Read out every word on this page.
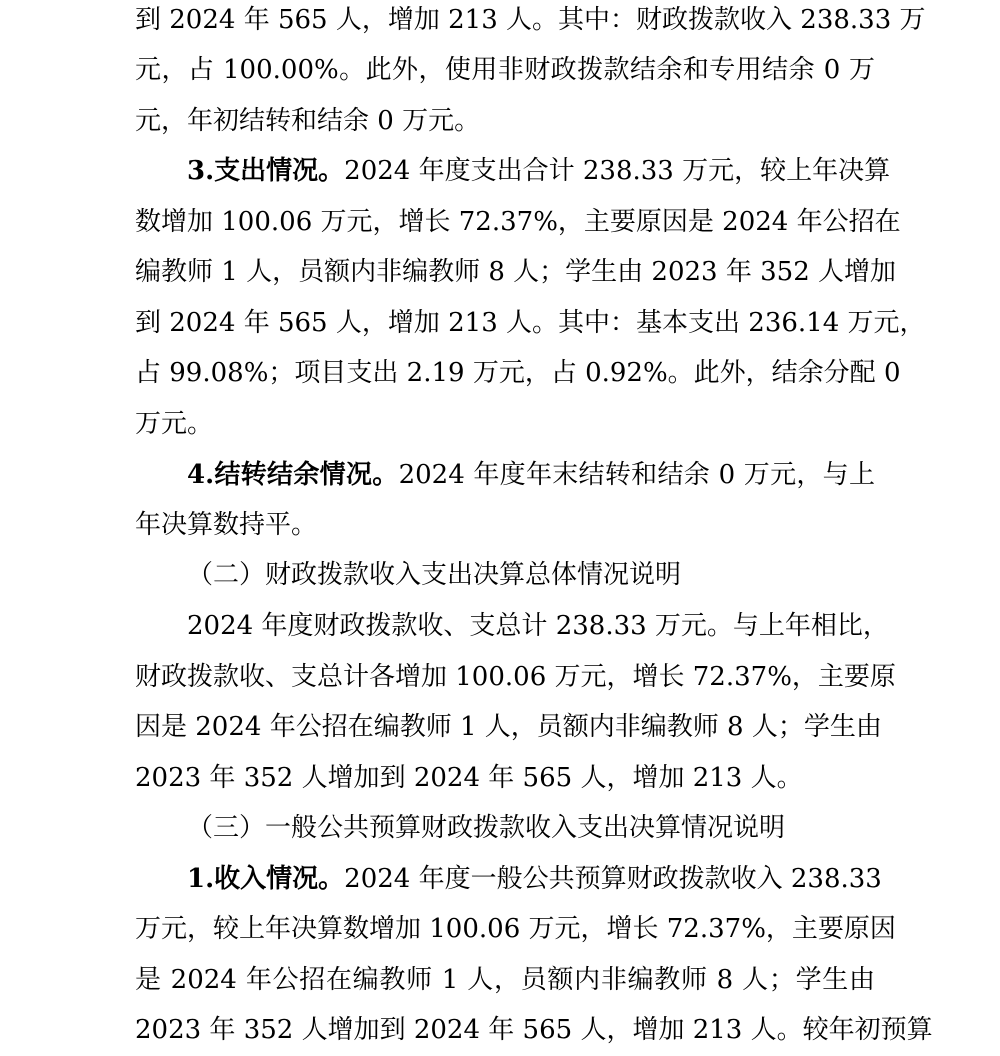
到 2024 年 565 人，增加 213 人。其中：财政拨款收入 238.33 万
元，占 100.00%。此外，使用非财政拨款结余和专用结余 0 万
元，年初结转和结余 0 万元。
3.支出情况。2024 年度支出合计 238.33 万元，较上年决算
数增加 100.06 万元，增长 72.37%，主要原因是 2024 年公招在
编教师 1 人，员额内非编教师 8 人；学生由 2023 年 352 人增加
到 2024 年 565 人，增加 213 人。其中：基本支出 236.14 万元，
占 99.08%；项目支出 2.19 万元，占 0.92%。此外，结余分配 0
万元。
4.结转结余情况。2024 年度年末结转和结余 0 万元，与上
年决算数持平。
（二）财政拨款收入支出决算总体情况说明
2024 年度财政拨款收、支总计 238.33 万元。与上年相比，
财政拨款收、支总计各增加 100.06 万元，增长 72.37%，主要原
因是 2024 年公招在编教师 1 人，员额内非编教师 8 人；学生由
2023 年 352 人增加到 2024 年 565 人，增加 213 人。
（三）一般公共预算财政拨款收入支出决算情况说明
1.收入情况。2024 年度一般公共预算财政拨款收入 238.33
万元，较上年决算数增加 100.06 万元，增长 72.37%，主要原因
是 2024 年公招在编教师 1 人，员额内非编教师 8 人；学生由
2023 年 352 人增加到 2024 年 565 人，增加 213 人。较年初预算
